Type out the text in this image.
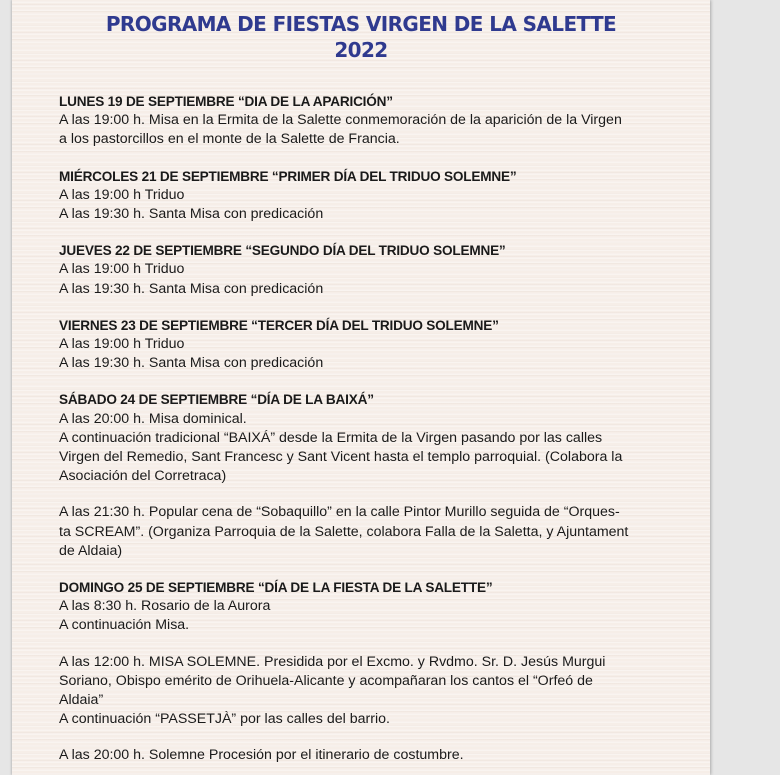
PROGRAMA DE FIESTAS VIRGEN DE LA SALETTE
2022
LUNES 19 DE SEPTIEMBRE “DIA DE LA APARICIÓN”
A las 19:00 h. Misa en la Ermita de la Salette conmemoración de la aparición de la Virgen
a los pastorcillos en el monte de la Salette de Francia.
MIÉRCOLES 21 DE SEPTIEMBRE “PRIMER DÍA DEL TRIDUO SOLEMNE”
A las 19:00 h Triduo
A las 19:30 h. Santa Misa con predicación
JUEVES 22 DE SEPTIEMBRE “SEGUNDO DÍA DEL TRIDUO SOLEMNE”
A las 19:00 h Triduo
A las 19:30 h. Santa Misa con predicación
VIERNES 23 DE SEPTIEMBRE “TERCER DÍA DEL TRIDUO SOLEMNE”
A las 19:00 h Triduo
A las 19:30 h. Santa Misa con predicación
SÁBADO 24 DE SEPTIEMBRE “DÍA DE LA BAIXÁ”
A las 20:00 h. Misa dominical.
A continuación tradicional “BAIXÁ” desde la Ermita de la Virgen pasando por las calles
Virgen del Remedio, Sant Francesc y Sant Vicent hasta el templo parroquial. (Colabora la
Asociación del Corretraca)
A las 21:30 h. Popular cena de “Sobaquillo” en la calle Pintor Murillo seguida de “Orques-
ta SCREAM”. (Organiza Parroquia de la Salette, colabora Falla de la Saletta, y Ajuntament
de Aldaia)
DOMINGO 25 DE SEPTIEMBRE “DÍA DE LA FIESTA DE LA SALETTE”
A las 8:30 h. Rosario de la Aurora
A continuación Misa.
A las 12:00 h. MISA SOLEMNE. Presidida por el Excmo. y Rvdmo. Sr. D. Jesús Murgui
Soriano, Obispo emérito de Orihuela-Alicante y acompañaran los cantos el “Orfeó de
Aldaia”
A continuación “PASSETJÀ” por las calles del barrio.
A las 20:00 h. Solemne Procesión por el itinerario de costumbre.
